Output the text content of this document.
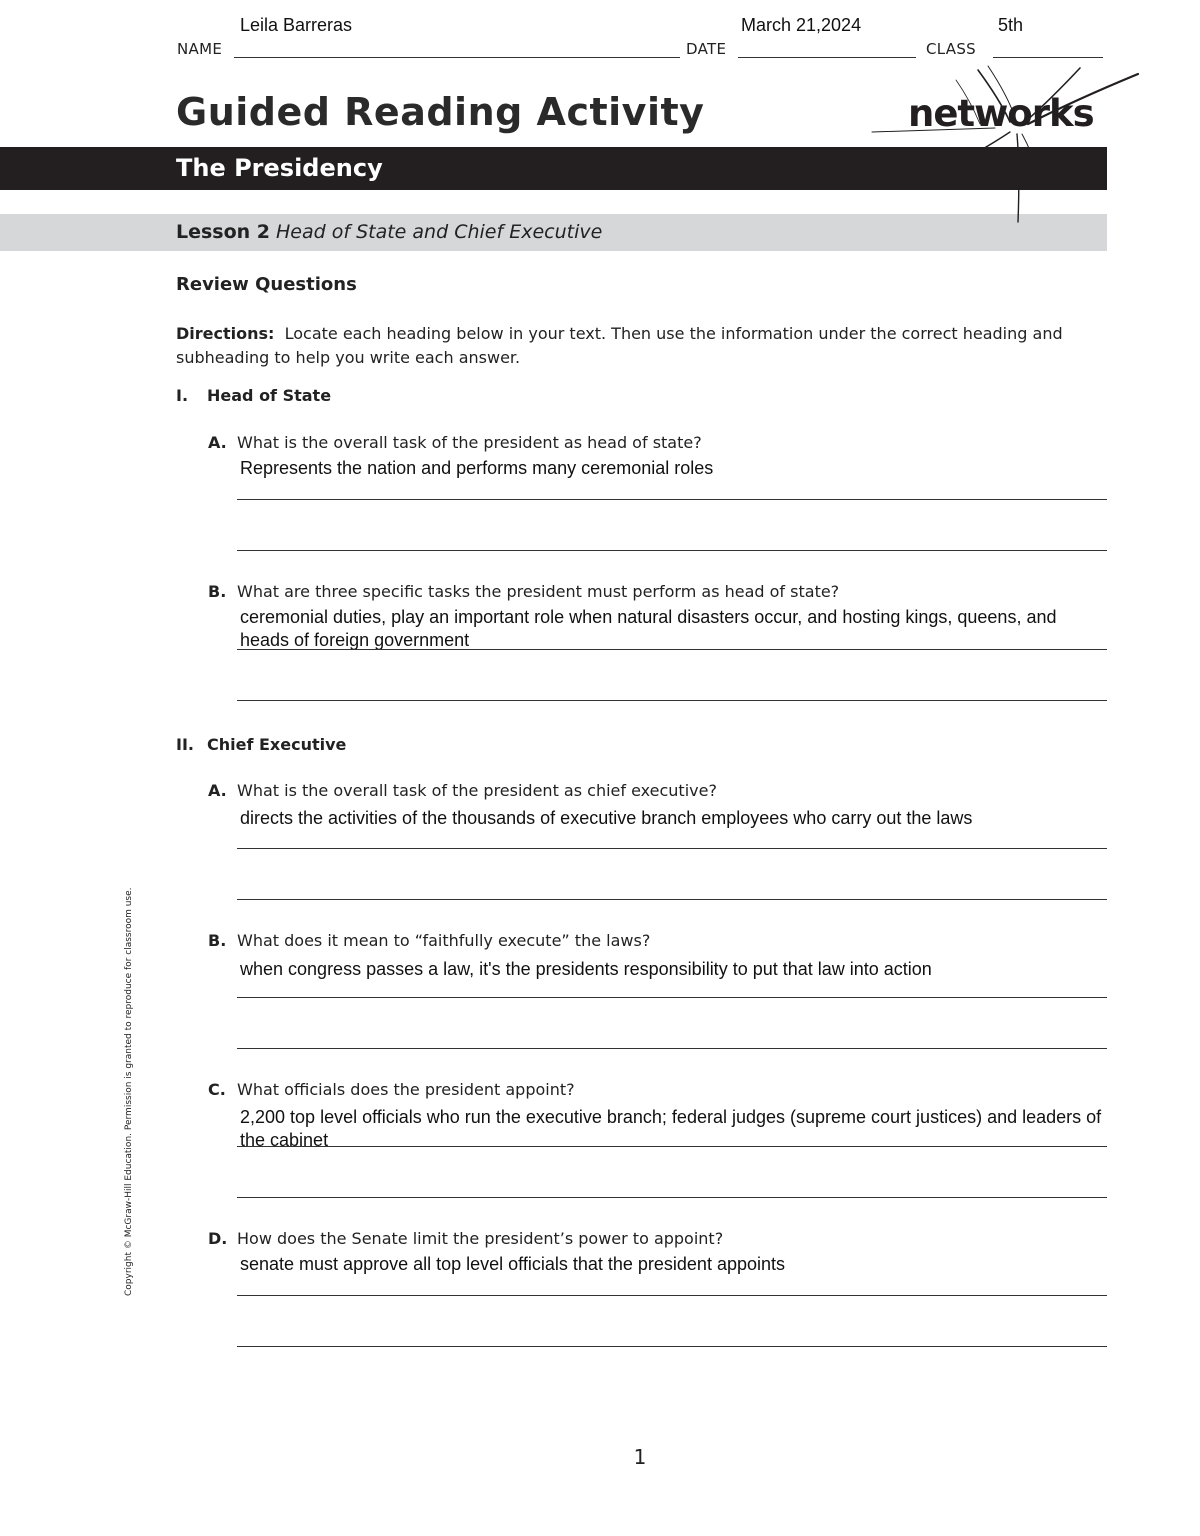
Leila Barreras
NAME
March 21,2024
DATE
5th
CLASS
Guided Reading Activity
The Presidency
Lesson 2 Head of State and Chief Executive
networks
Review Questions
Directions: Locate each heading below in your text. Then use the information under the correct heading and subheading to help you write each answer.
I. Head of State
A. What is the overall task of the president as head of state?
Represents the nation and performs many ceremonial roles
B. What are three specific tasks the president must perform as head of state?
ceremonial duties, play an important role when natural disasters occur, and hosting kings, queens, and heads of foreign government
II. Chief Executive
A. What is the overall task of the president as chief executive?
directs the activities of the thousands of executive branch employees who carry out the laws
B. What does it mean to “faithfully execute” the laws?
when congress passes a law, it's the presidents responsibility to put that law into action
C. What officials does the president appoint?
2,200 top level officials who run the executive branch; federal judges (supreme court justices) and leaders of the cabinet
D. How does the Senate limit the president’s power to appoint?
senate must approve all top level officials that the president appoints
Copyright © McGraw-Hill Education. Permission is granted to reproduce for classroom use.
1
